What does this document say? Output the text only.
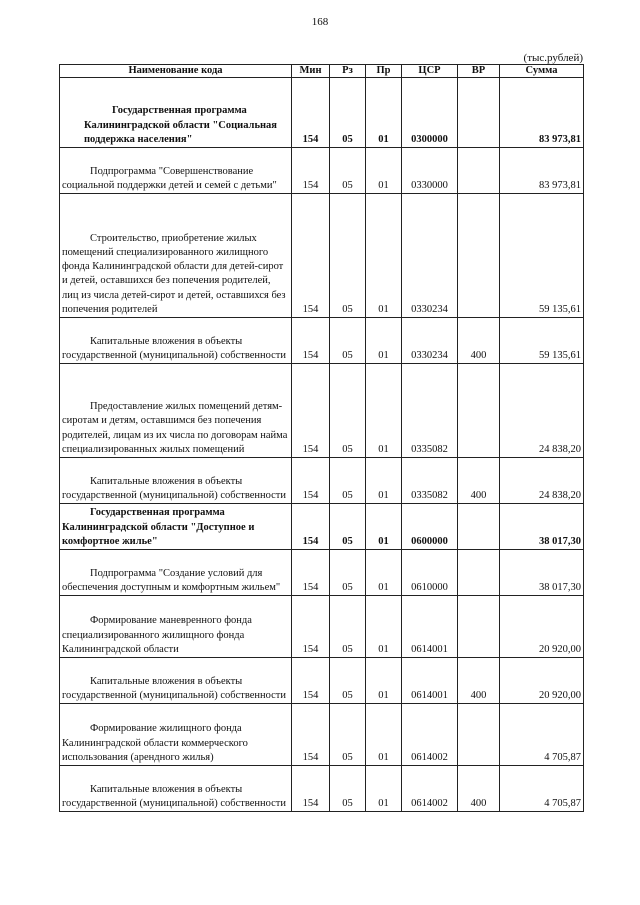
168
(тыс.рублей)
Наименование кода	Мин	Рз	Пр	ЦСР	ВР	Сумма
Государственная программа Калининградской области "Социальная поддержка населения"	154	05	01	0300000		83 973,81
Подпрограмма "Совершенствование социальной поддержки детей и семей с детьми"	154	05	01	0330000		83 973,81
Строительство, приобретение жилых помещений специализированного жилищного фонда Калининградской области для детей-сирот и детей, оставшихся без попечения родителей, лиц из числа детей-сирот и детей, оставшихся без попечения родителей	154	05	01	0330234		59 135,61
Капитальные вложения в объекты государственной (муниципальной) собственности	154	05	01	0330234	400	59 135,61
Предоставление жилых помещений детям-сиротам и детям, оставшимся без попечения родителей, лицам из их числа по договорам найма специализированных жилых помещений	154	05	01	0335082		24 838,20
Капитальные вложения в объекты государственной (муниципальной) собственности	154	05	01	0335082	400	24 838,20
Государственная программа Калининградской области "Доступное и комфортное жилье"	154	05	01	0600000		38 017,30
Подпрограмма "Создание условий для обеспечения доступным и комфортным жильем"	154	05	01	0610000		38 017,30
Формирование маневренного фонда специализированного жилищного фонда Калининградской области	154	05	01	0614001		20 920,00
Капитальные вложения в объекты государственной (муниципальной) собственности	154	05	01	0614001	400	20 920,00
Формирование жилищного фонда Калининградской области коммерческого использования (арендного жилья)	154	05	01	0614002		4 705,87
Капитальные вложения в объекты государственной (муниципальной) собственности	154	05	01	0614002	400	4 705,87
